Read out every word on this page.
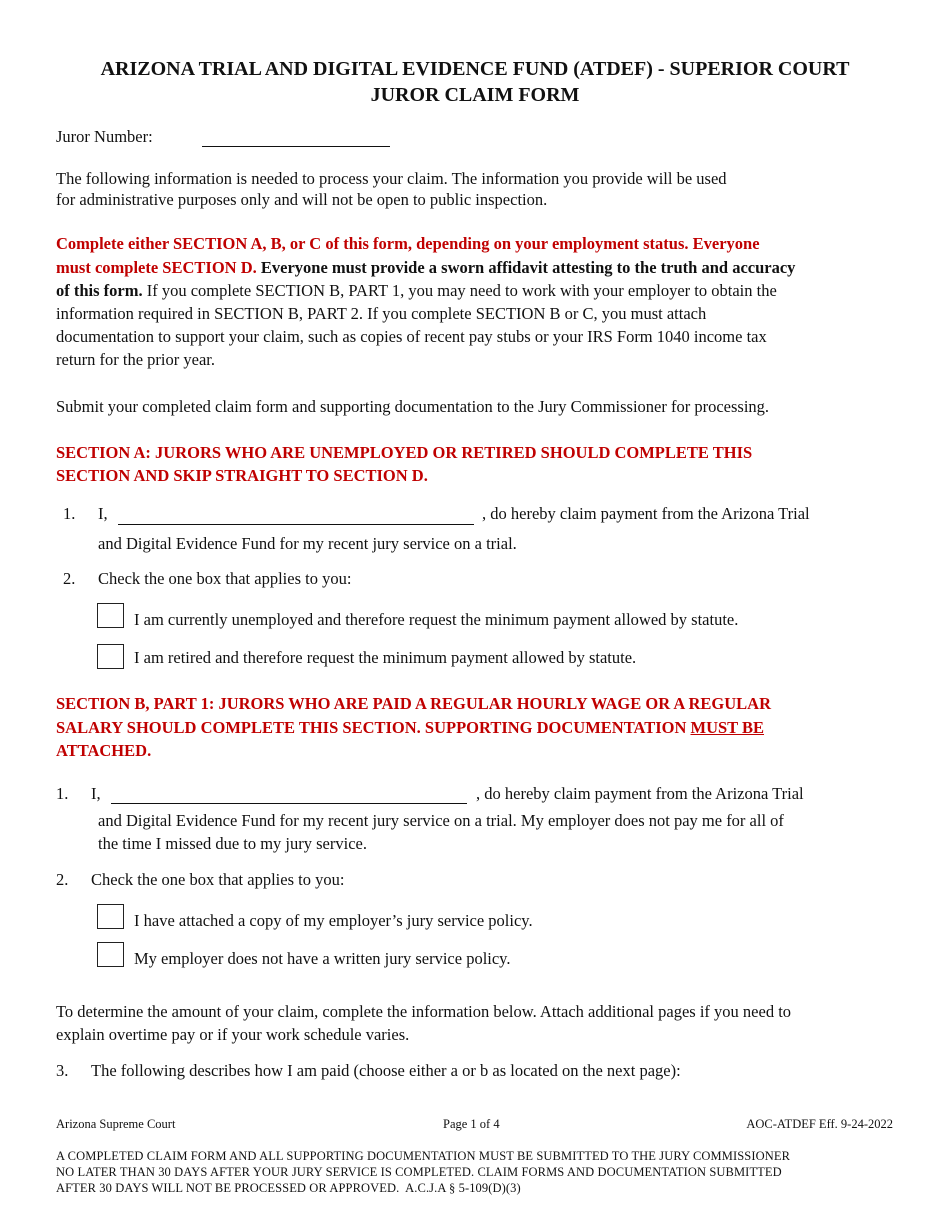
ARIZONA TRIAL AND DIGITAL EVIDENCE FUND (ATDEF) - SUPERIOR COURT
JUROR CLAIM FORM
Juror Number:
The following information is needed to process your claim. The information you provide will be used
for administrative purposes only and will not be open to public inspection.
Complete either SECTION A, B, or C of this form, depending on your employment status. Everyone
must complete SECTION D. Everyone must provide a sworn affidavit attesting to the truth and accuracy
of this form. If you complete SECTION B, PART 1, you may need to work with your employer to obtain the
information required in SECTION B, PART 2. If you complete SECTION B or C, you must attach
documentation to support your claim, such as copies of recent pay stubs or your IRS Form 1040 income tax
return for the prior year.
Submit your completed claim form and supporting documentation to the Jury Commissioner for processing.
SECTION A: JURORS WHO ARE UNEMPLOYED OR RETIRED SHOULD COMPLETE THIS
SECTION AND SKIP STRAIGHT TO SECTION D.
1. I,	, do hereby claim payment from the Arizona Trial
and Digital Evidence Fund for my recent jury service on a trial.
2. Check the one box that applies to you:
I am currently unemployed and therefore request the minimum payment allowed by statute.
I am retired and therefore request the minimum payment allowed by statute.
SECTION B, PART 1: JURORS WHO ARE PAID A REGULAR HOURLY WAGE OR A REGULAR
SALARY SHOULD COMPLETE THIS SECTION. SUPPORTING DOCUMENTATION MUST BE
ATTACHED.
1. I,	, do hereby claim payment from the Arizona Trial
and Digital Evidence Fund for my recent jury service on a trial. My employer does not pay me for all of
the time I missed due to my jury service.
2. Check the one box that applies to you:
I have attached a copy of my employer’s jury service policy.
My employer does not have a written jury service policy.
To determine the amount of your claim, complete the information below. Attach additional pages if you need to
explain overtime pay or if your work schedule varies.
3. The following describes how I am paid (choose either a or b as located on the next page):
Arizona Supreme Court	Page 1 of 4	AOC-ATDEF Eff. 9-24-2022
A COMPLETED CLAIM FORM AND ALL SUPPORTING DOCUMENTATION MUST BE SUBMITTED TO THE JURY COMMISSIONER
NO LATER THAN 30 DAYS AFTER YOUR JURY SERVICE IS COMPLETED. CLAIM FORMS AND DOCUMENTATION SUBMITTED
AFTER 30 DAYS WILL NOT BE PROCESSED OR APPROVED.  A.C.J.A § 5-109(D)(3)
